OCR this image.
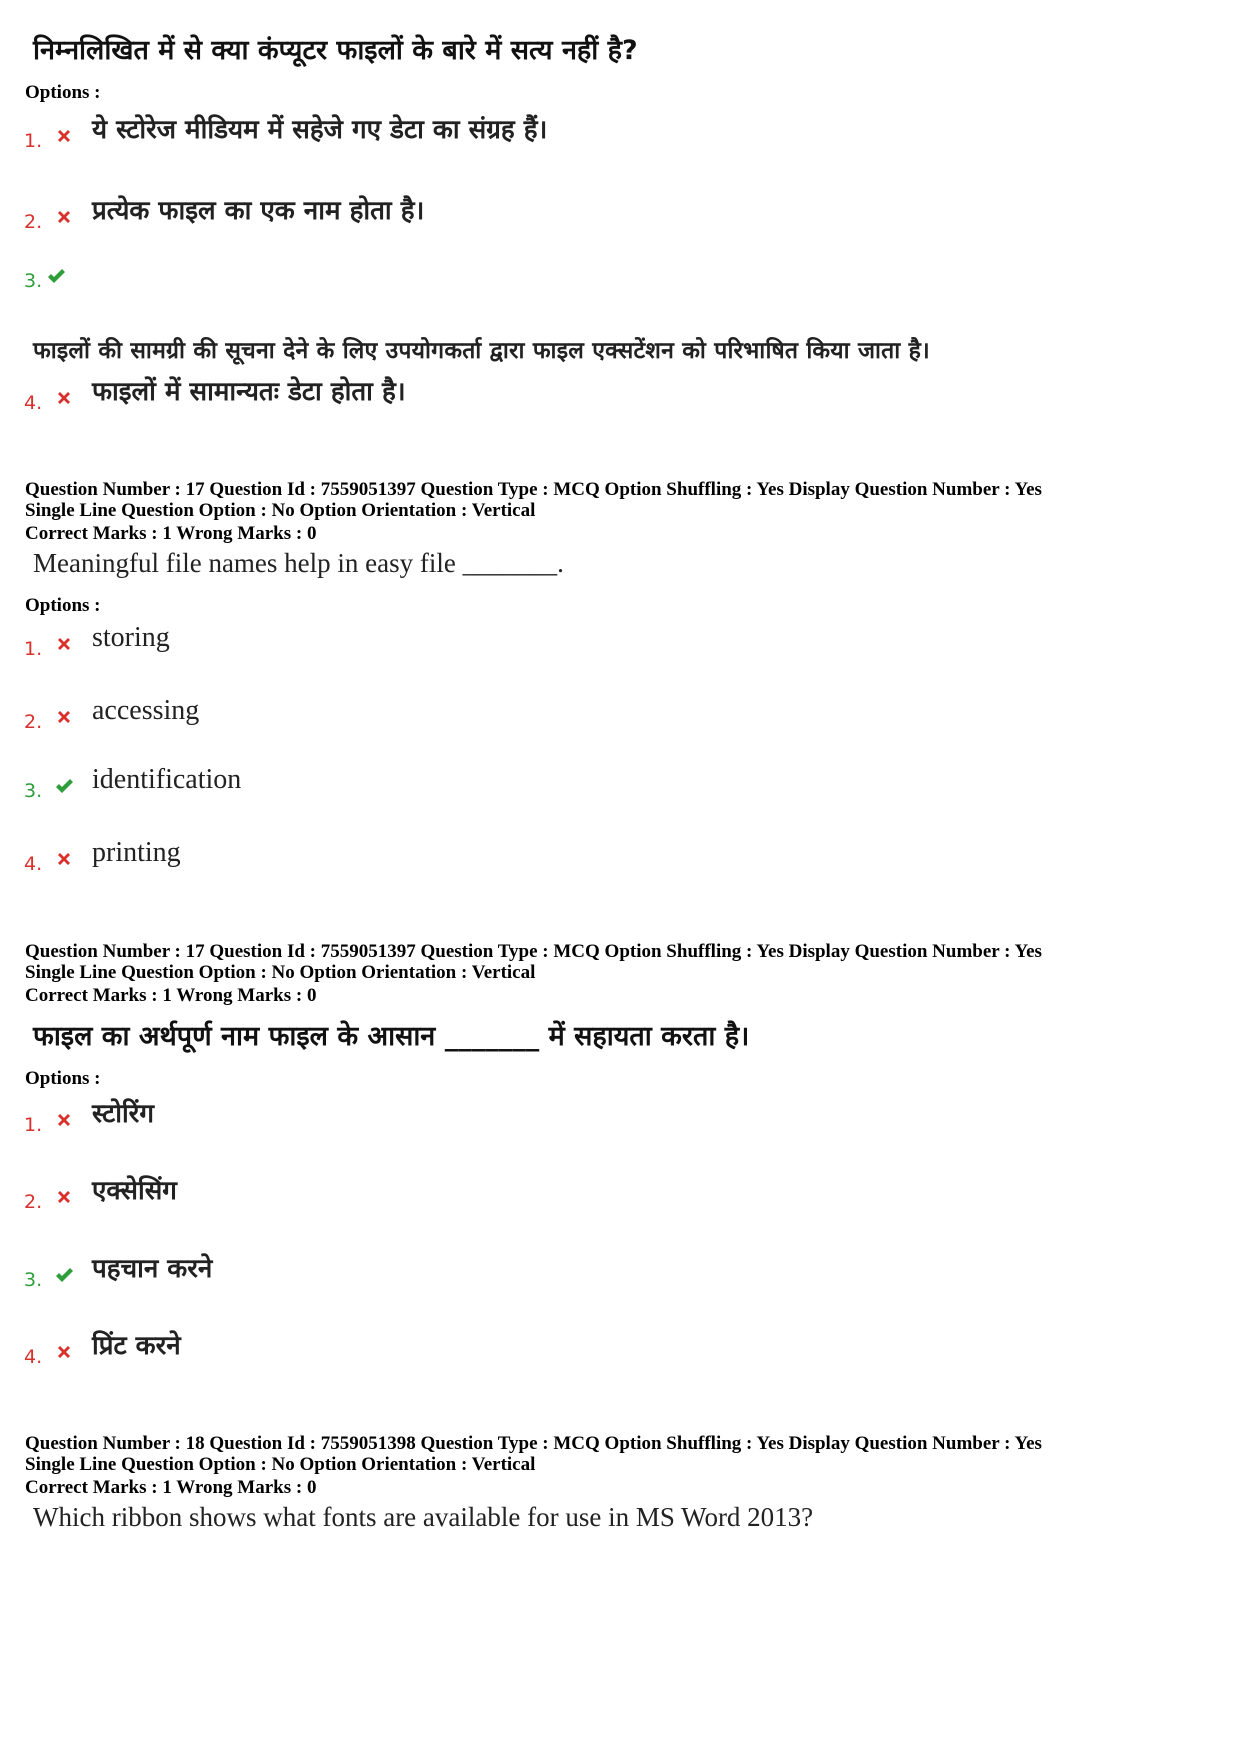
निम्नलिखित में से क्या कंप्यूटर फाइलों के बारे में सत्य नहीं है?
Options :
1. ये स्टोरेज मीडियम में सहेजे गए डेटा का संग्रह हैं।
2. प्रत्येक फाइल का एक नाम होता है।
3.
फाइलों की सामग्री की सूचना देने के लिए उपयोगकर्ता द्वारा फाइल एक्सटेंशन को परिभाषित किया जाता है।
4. फाइलों में सामान्यतः डेटा होता है।
Question Number : 17 Question Id : 7559051397 Question Type : MCQ Option Shuffling : Yes Display Question Number : Yes
Single Line Question Option : No Option Orientation : Vertical
Correct Marks : 1 Wrong Marks : 0
Meaningful file names help in easy file _______.
Options :
1. storing
2. accessing
3. identification
4. printing
Question Number : 17 Question Id : 7559051397 Question Type : MCQ Option Shuffling : Yes Display Question Number : Yes
Single Line Question Option : No Option Orientation : Vertical
Correct Marks : 1 Wrong Marks : 0
फाइल का अर्थपूर्ण नाम फाइल के आसान _______ में सहायता करता है।
Options :
1. स्टोरिंग
2. एक्सेसिंग
3. पहचान करने
4. प्रिंट करने
Question Number : 18 Question Id : 7559051398 Question Type : MCQ Option Shuffling : Yes Display Question Number : Yes
Single Line Question Option : No Option Orientation : Vertical
Correct Marks : 1 Wrong Marks : 0
Which ribbon shows what fonts are available for use in MS Word 2013?
